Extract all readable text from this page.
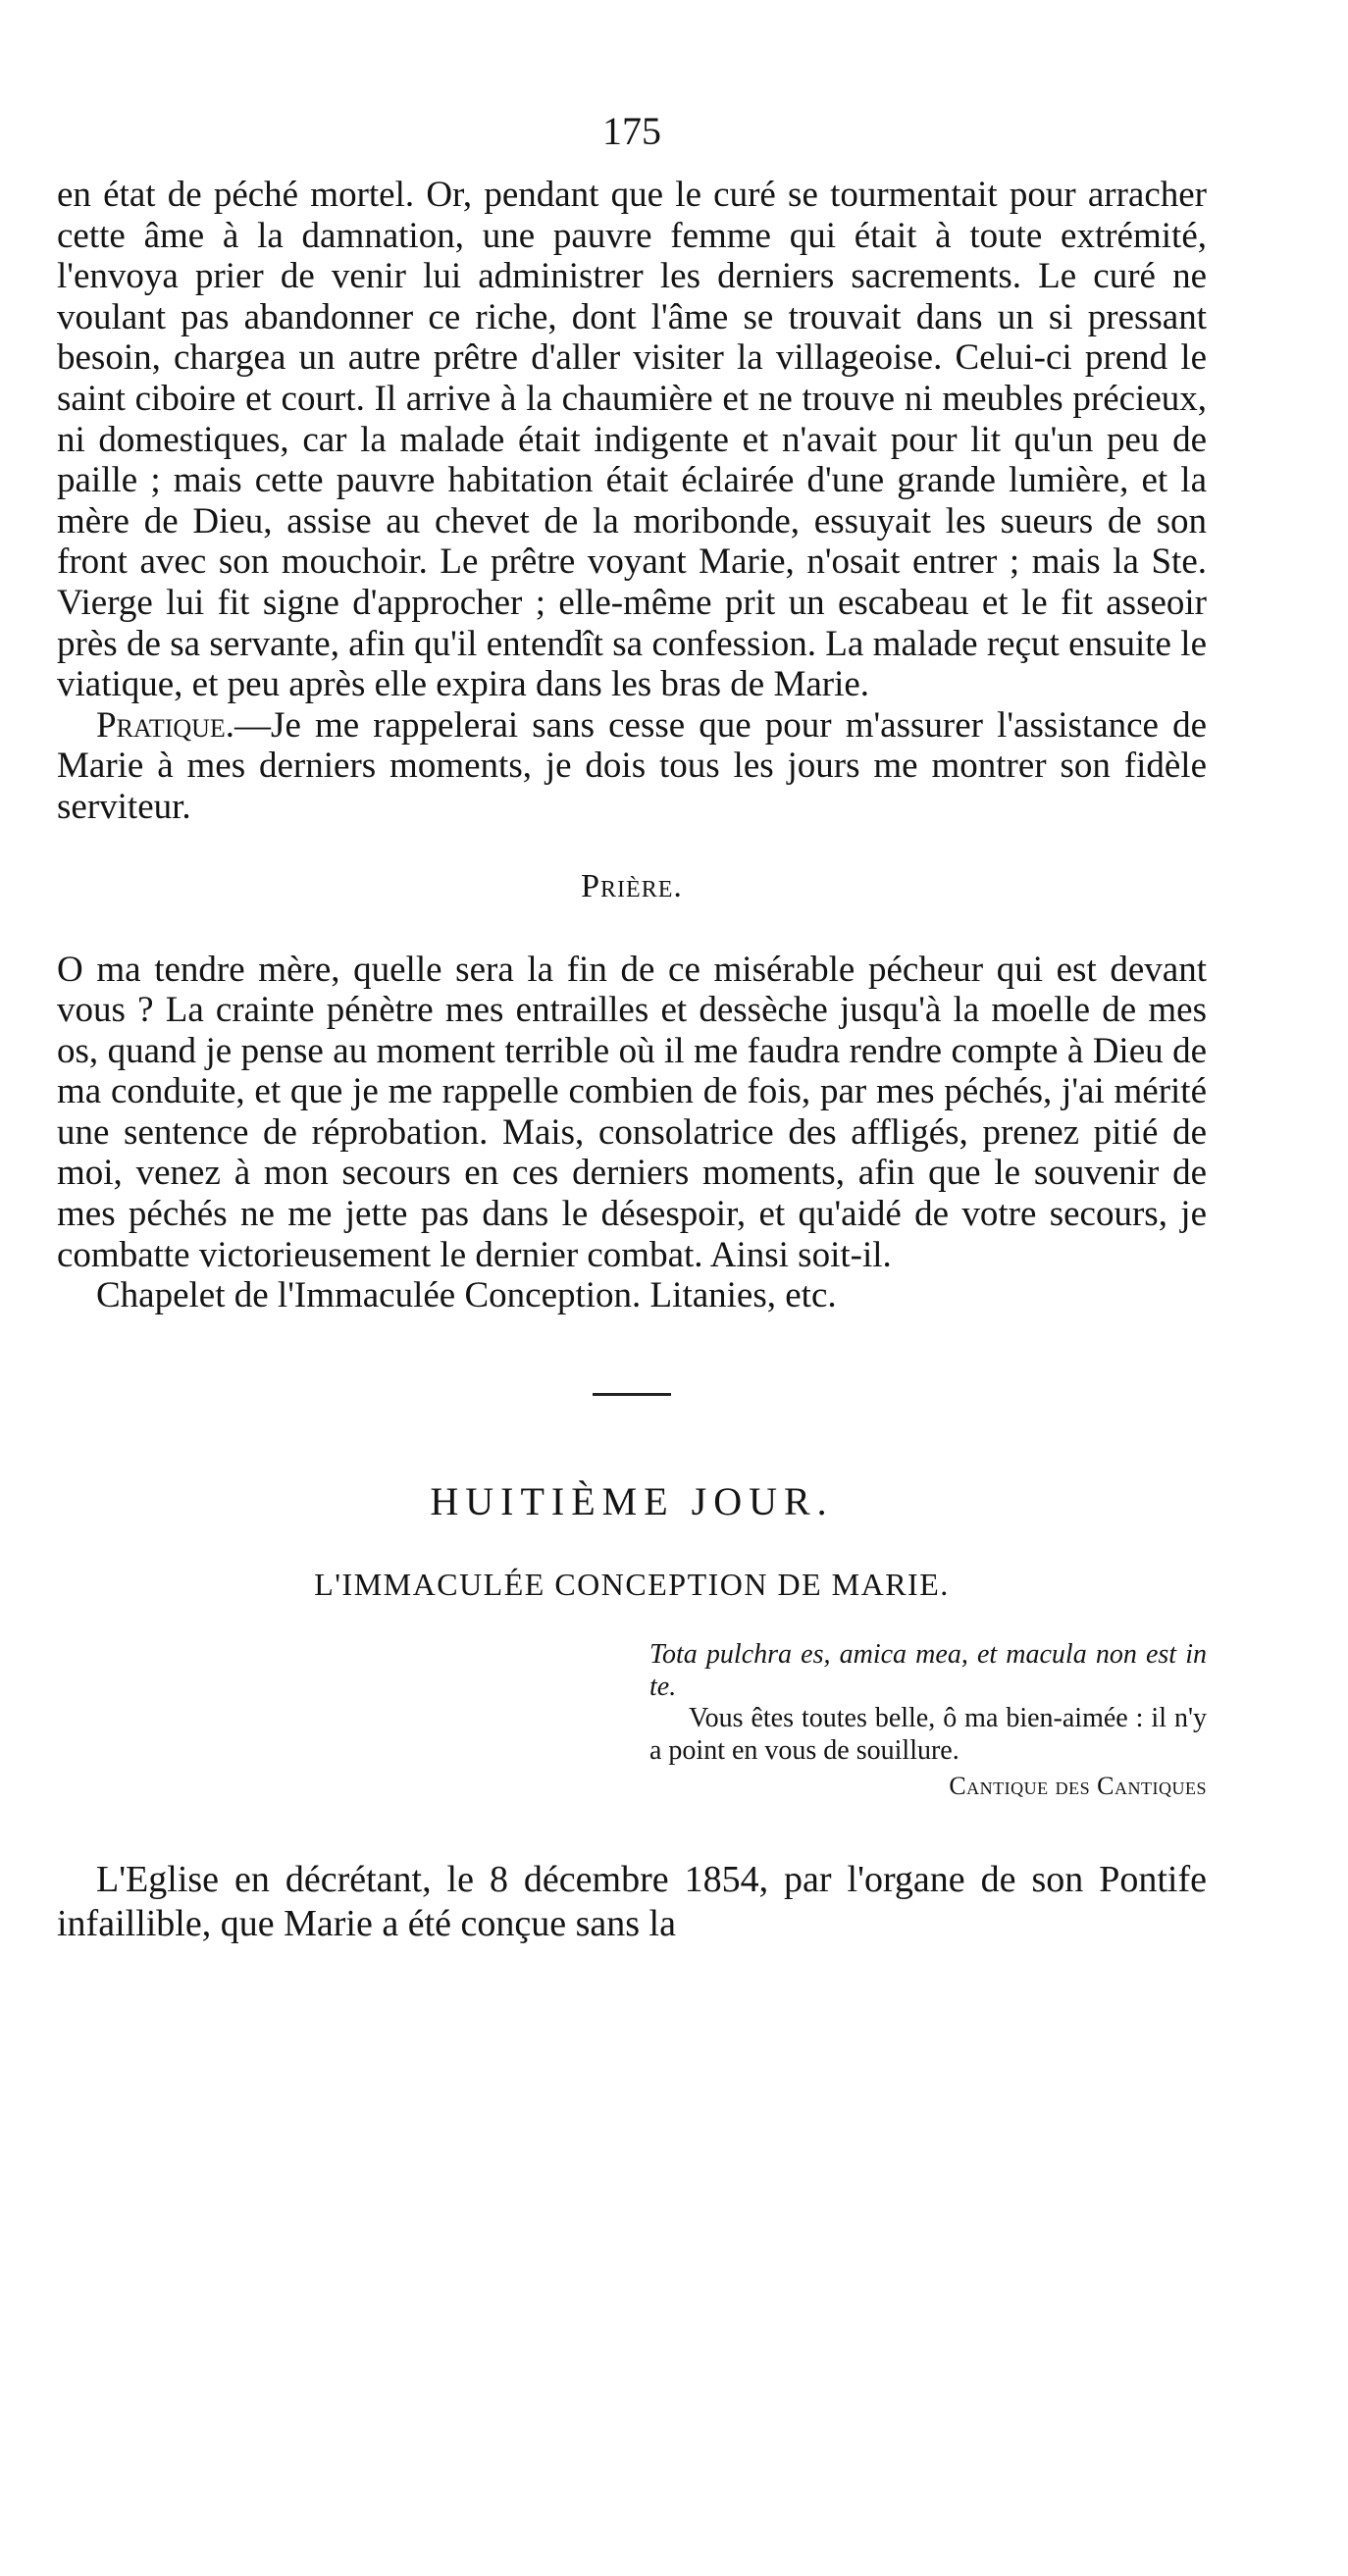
175

en état de péché mortel. Or, pendant que le curé se tourmentait pour arracher cette âme à la damnation, une pauvre femme qui était à toute extrémité, l'envoya prier de venir lui administrer les derniers sacrements. Le curé ne voulant pas abandonner ce riche, dont l'âme se trouvait dans un si pressant besoin, chargea un autre prêtre d'aller visiter la villageoise. Celui-ci prend le saint ciboire et court. Il arrive à la chaumière et ne trouve ni meubles précieux, ni domestiques, car la malade était indigente et n'avait pour lit qu'un peu de paille ; mais cette pauvre habitation était éclairée d'une grande lumière, et la mère de Dieu, assise au chevet de la moribonde, essuyait les sueurs de son front avec son mouchoir. Le prêtre voyant Marie, n'osait entrer ; mais la Ste. Vierge lui fit signe d'approcher ; elle-même prit un escabeau et le fit asseoir près de sa servante, afin qu'il entendît sa confession. La malade reçut ensuite le viatique, et peu après elle expira dans les bras de Marie.

Pratique.—Je me rappelerai sans cesse que pour m'assurer l'assistance de Marie à mes derniers moments, je dois tous les jours me montrer son fidèle serviteur.

Prière.

O ma tendre mère, quelle sera la fin de ce misérable pécheur qui est devant vous ? La crainte pénètre mes entrailles et dessèche jusqu'à la moelle de mes os, quand je pense au moment terrible où il me faudra rendre compte à Dieu de ma conduite, et que je me rappelle combien de fois, par mes péchés, j'ai mérité une sentence de réprobation. Mais, consolatrice des affligés, prenez pitié de moi, venez à mon secours en ces derniers moments, afin que le souvenir de mes péchés ne me jette pas dans le désespoir, et qu'aidé de votre secours, je combatte victorieusement le dernier combat. Ainsi soit-il.

Chapelet de l'Immaculée Conception. Litanies, etc.

HUITIÈME JOUR.
L'IMMACULÉE CONCEPTION DE MARIE.

Tota pulchra es, amica mea, et macula non est in te.

Vous êtes toutes belle, ô ma bien-aimée : il n'y a point en vous de souillure.

Cantique des Cantiques

L'Eglise en décrétant, le 8 décembre 1854, par l'organe de son Pontife infaillible, que Marie a été conçue sans la
